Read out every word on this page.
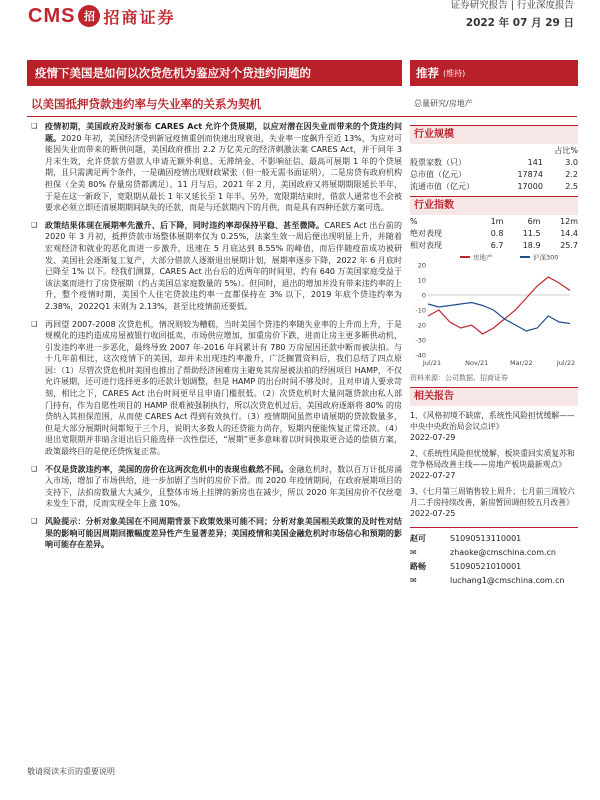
CMS 招 招商证券
证券研究报告 | 行业深度报告
2022 年 07 月 29 日
疫情下美国是如何以次贷危机为鉴应对个贷违约问题的	推荐 (维持)
以美国抵押贷款违约率与失业率的关系为契机	总量研究/房地产
❑ 疫情初期，美国政府及时颁布 CARES Act 允许个贷展期，以应对潜在因失业而带来的个贷违约问题。2020 年初，美国经济受到新冠疫情重创而快速出现衰退，失业率一度飙升至近 13%，为应对可能因失业而带来的断供问题，美国政府推出 2.2 万亿美元的经济刺激法案 CARES Act，并于同年 3 月末生效，允许贷款方借款人申请无额外利息、无滞纳金、不影响征信、最高可展期 1 年的个贷展期，且只需满足两个条件，一是确因疫情出现财政紧张（但一般无需书面证明），二是房贷有政府机构担保（全美 80% 存量房贷都满足）。11 月与后，2021 年 2 月，美国政府又将展期期限延长半年，于是在这一新政下，宽限期从最长 1 年又延长至 1 年半。另外，宽限期结束时，借款人通常也不会被要求必须立即还清展期期间缺失的还款，而是与还款期内下的月供，而是具有四种还款方案可选。
❑ 政策结果体现在展期率先激升、后下降，同时违约率却保持平稳、甚至微降。CARES Act 出台前的 2020 年 3 月初，抵押贷款市场整体展期率仅为 0.25%，法案生效一周后便出现明显上升，并随着宏观经济和就业的恶化而进一步激升，迅速在 5 月底达到 8.55% 的峰值，而后伴随疫苗成功被研发、美国社会逐渐复工复产，大部分借款人逐渐退出展期计划，展期率逐步下降，2022 年 6 月底时已降至 1% 以下。经我们测算，CARES Act 出台后的近两年的时间里，约有 640 万美国家庭受益于该法案而进行了房贷展期（约占美国总家庭数量的 5%）。但同时，退出的增加并没有带来违约率的上升，整个疫情时期，美国个人住宅贷款违约率一直都保持在 3% 以下，2019 年底个贷违约率为 2.38%，2022Q1 末则为 2.13%，甚至比疫情前还要低。
❑ 再回望 2007-2008 次贷危机，情况则较为糟糕，当时美国个贷违约率随失业率的上升而上升，于是规模化的违约造成房屋被银行收回抵卖，市场供应增加，加重房价下跌，进而让房主更多断供动机，引发违约率进一步恶化，最终导致 2007 年-2016 年间累计有 780 万房屋因还款中断而被法拍。与十几年前相比，这次疫情下的美国，却并未出现违约率激升，广泛搁置资料后，我们总结了四点原因：（1）尽管次贷危机时美国也推出了帮助经济困难房主避免其房屋被法拍的纾困项目 HAMP，不仅允许展期，还可进行选择更多的还款计划调整，但是 HAMP 的出台时间不够及时，且对申请人要求苛刻，相比之下，CARES Act 出台时间更早且申请门槛很低。（2）次贷危机时大量问题贷款由私人部门持有，作为自愿性项目的 HAMP 很难被强制执行，所以次贷危机过后，美国政府逐渐将 80% 的房贷纳入其担保范围，从而使 CARES Act 得到有效执行。（3）疫情期间虽然申请展期的贷款数量多，但是大部分展期时间都短于三个月，说明大多数人的还贷能力尚存，短期内便能恢复正常还款。（4）退出宽限期并非暗含退出后只能选择一次性偿还，“展期”更多意味着以时间换取更合适的偿债方案，政策最终目的是使还贷恢复正常。
❑ 不仅是贷款违约率，美国的房价在这两次危机中的表现也截然不同。金融危机时，数以百万计抵房涌入市场，增加了市场供给，进一步加剧了当时的房价下滑。而 2020 年疫情期间，在政府展期项目的支持下，法拍房数量大大减少，且整体市场上挂牌的新房也在减少，所以 2020 年美国房价不仅丝毫未发生下滑，反而实现全年上涨 10%。
❑ 风险提示：分析对象美国在不同周期背景下政策效果可能不同；分析对象美国相关政策的及时性对结果的影响可能因周期回撤幅度差异性产生显著差异；美国疫情和美国金融危机时市场信心和预期的影响可能存在差异。
行业规模
		占比%
股票家数（只）	141	3.0
总市值（亿元）	17874	2.2
流通市值（亿元）	17000	2.5
行业指数
%	1m	6m	12m
绝对表现	0.8	11.5	14.4
相对表现	6.7	18.9	25.7
20
10
0
-10
-20
-30
-40
Jul/21	Nov/21	Mar/22	Jul/22
房地产	沪深300
资料来源：公司数据、招商证券
相关报告
1、《风格初境不缺席，系统性风险担忧缓解——中央中央政治局会议点评》
2022-07-29
2、《系统性风险担忧缓解，板块重回实质复苏和竞争格局改善主线——房地产板块最新观点》
2022-07-27
3、《七月第三周销售较上周升；七月前三周较六月二手房持续改善，新房暂回调但较五月改善》
2022-07-25
赵可	S1090513110001
✉	zhaoke@cmschina.com.cn
路畅	S1090521010001
✉	luchang1@cmschina.com.cn
敬请阅读末页的重要说明
